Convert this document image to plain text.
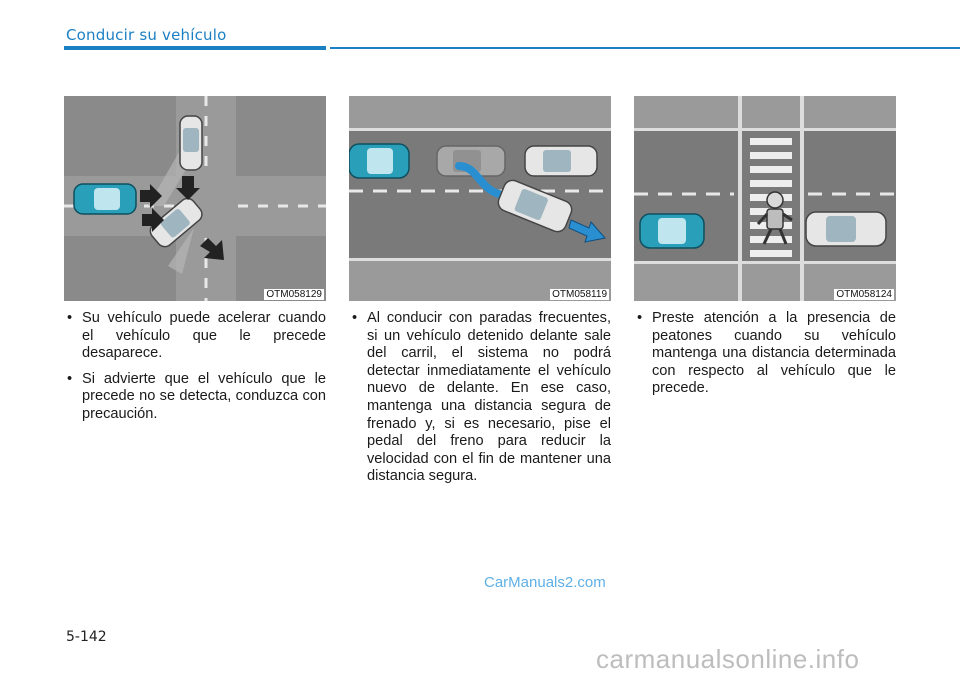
Conducir su vehículo
OTM058129	OTM058119	OTM058124
• Su vehículo puede acelerar cuando el vehículo que le precede desaparece.
• Si advierte que el vehículo que le precede no se detecta, conduzca con precaución.
• Al conducir con paradas frecuentes, si un vehículo detenido delante sale del carril, el sistema no podrá detectar inmediatamente el vehículo nuevo de delante. En ese caso, mantenga una distancia segura de frenado y, si es necesario, pise el pedal del freno para reducir la velocidad con el fin de mantener una distancia segura.
• Preste atención a la presencia de peatones cuando su vehículo mantenga una distancia determinada con respecto al vehículo que le precede.
CarManuals2.com
5-142
carmanualsonline.info
